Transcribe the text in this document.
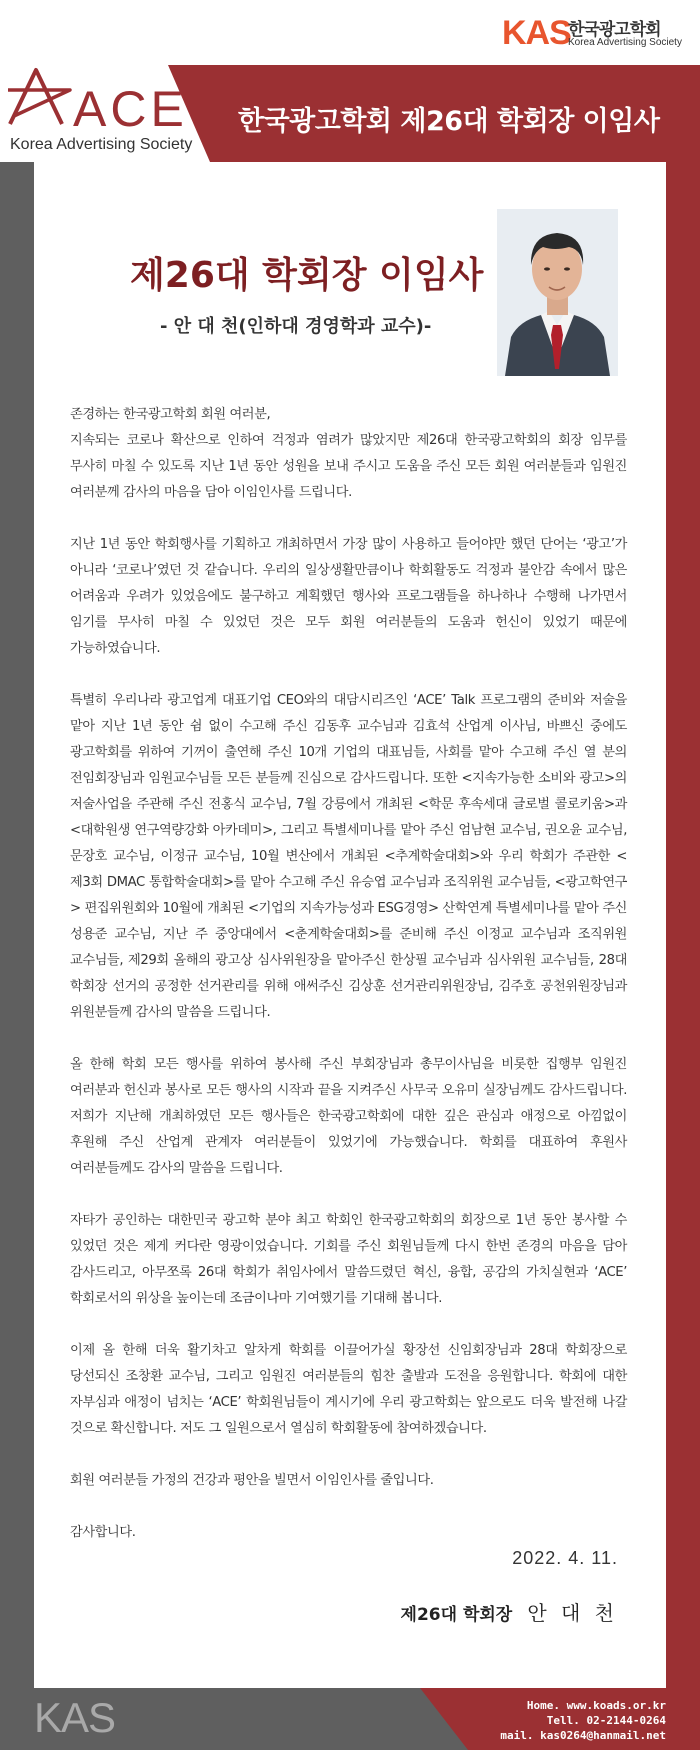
KAS
한국광고학회
Korea Advertising Society
ACE
Korea Advertising Society
한국광고학회 제26대 학회장 이임사
제26대 학회장 이임사
- 안 대 천(인하대 경영학과 교수)-

존경하는 한국광고학회 회원 여러분,
지속되는 코로나 확산으로 인하여 걱정과 염려가 많았지만 제26대 한국광고학회의 회장 임무를 무사히 마칠 수 있도록 지난 1년 동안 성원을 보내 주시고 도움을 주신 모든 회원 여러분들과 임원진 여러분께 감사의 마음을 담아 이임인사를 드립니다.

지난 1년 동안 학회행사를 기획하고 개최하면서 가장 많이 사용하고 들어야만 했던 단어는 ‘광고’가 아니라 ‘코로나’였던 것 같습니다. 우리의 일상생활만큼이나 학회활동도 걱정과 불안감 속에서 많은 어려움과 우려가 있었음에도 불구하고 계획했던 행사와 프로그램들을 하나하나 수행해 나가면서 임기를 무사히 마칠 수 있었던 것은 모두 회원 여러분들의 도움과 헌신이 있었기 때문에 가능하였습니다.

특별히 우리나라 광고업계 대표기업 CEO와의 대담시리즈인 ‘ACE’ Talk 프로그램의 준비와 저술을 맡아 지난 1년 동안 쉼 없이 수고해 주신 김동후 교수님과 김효석 산업계 이사님, 바쁘신 중에도 광고학회를 위하여 기꺼이 출연해 주신 10개 기업의 대표님들, 사회를 맡아 수고해 주신 열 분의 전임회장님과 임원교수님들 모든 분들께 진심으로 감사드립니다. 또한 <지속가능한 소비와 광고>의 저술사업을 주관해 주신 전홍식 교수님, 7월 강릉에서 개최된 <학문 후속세대 글로벌 콜로키움>과 <대학원생 연구역량강화 아카데미>, 그리고 특별세미나를 맡아 주신 엄남현 교수님, 권오윤 교수님, 문장호 교수님, 이정규 교수님, 10월 변산에서 개최된 <추계학술대회>와 우리 학회가 주관한 <제3회 DMAC 통합학술대회>를 맡아 수고해 주신 유승엽 교수님과 조직위원 교수님들, <광고학연구> 편집위원회와 10월에 개최된 <기업의 지속가능성과 ESG경영> 산학연계 특별세미나를 맡아 주신 성용준 교수님, 지난 주 중앙대에서 <춘계학술대회>를 준비해 주신 이정교 교수님과 조직위원 교수님들, 제29회 올해의 광고상 심사위원장을 맡아주신 한상필 교수님과 심사위원 교수님들, 28대 학회장 선거의 공정한 선거관리를 위해 애써주신 김상훈 선거관리위원장님, 김주호 공천위원장님과 위원분들께 감사의 말씀을 드립니다.

올 한해 학회 모든 행사를 위하여 봉사해 주신 부회장님과 총무이사님을 비롯한 집행부 임원진 여러분과 헌신과 봉사로 모든 행사의 시작과 끝을 지켜주신 사무국 오유미 실장님께도 감사드립니다. 저희가 지난해 개최하였던 모든 행사들은 한국광고학회에 대한 깊은 관심과 애정으로 아낌없이 후원해 주신 산업계 관계자 여러분들이 있었기에 가능했습니다. 학회를 대표하여 후원사 여러분들께도 감사의 말씀을 드립니다.

자타가 공인하는 대한민국 광고학 분야 최고 학회인 한국광고학회의 회장으로 1년 동안 봉사할 수 있었던 것은 제게 커다란 영광이었습니다. 기회를 주신 회원님들께 다시 한번 존경의 마음을 담아 감사드리고, 아무쪼록 26대 학회가 취임사에서 말씀드렸던 혁신, 융합, 공감의 가치실현과 ‘ACE’ 학회로서의 위상을 높이는데 조금이나마 기여했기를 기대해 봅니다.

이제 올 한해 더욱 활기차고 알차게 학회를 이끌어가실 황장선 신임회장님과 28대 학회장으로 당선되신 조창환 교수님, 그리고 임원진 여러분들의 힘찬 출발과 도전을 응원합니다. 학회에 대한 자부심과 애정이 넘치는 ‘ACE’ 학회원님들이 계시기에 우리 광고학회는 앞으로도 더욱 발전해 나갈 것으로 확신합니다. 저도 그 일원으로서 열심히 학회활동에 참여하겠습니다.

회원 여러분들 가정의 건강과 평안을 빌면서 이임인사를 줄입니다.

감사합니다.

2022. 4. 11.
제26대 학회장 안 대 천
KAS	Home. www.koads.or.kr
Tell. 02-2144-0264
mail. kas0264@hanmail.net
